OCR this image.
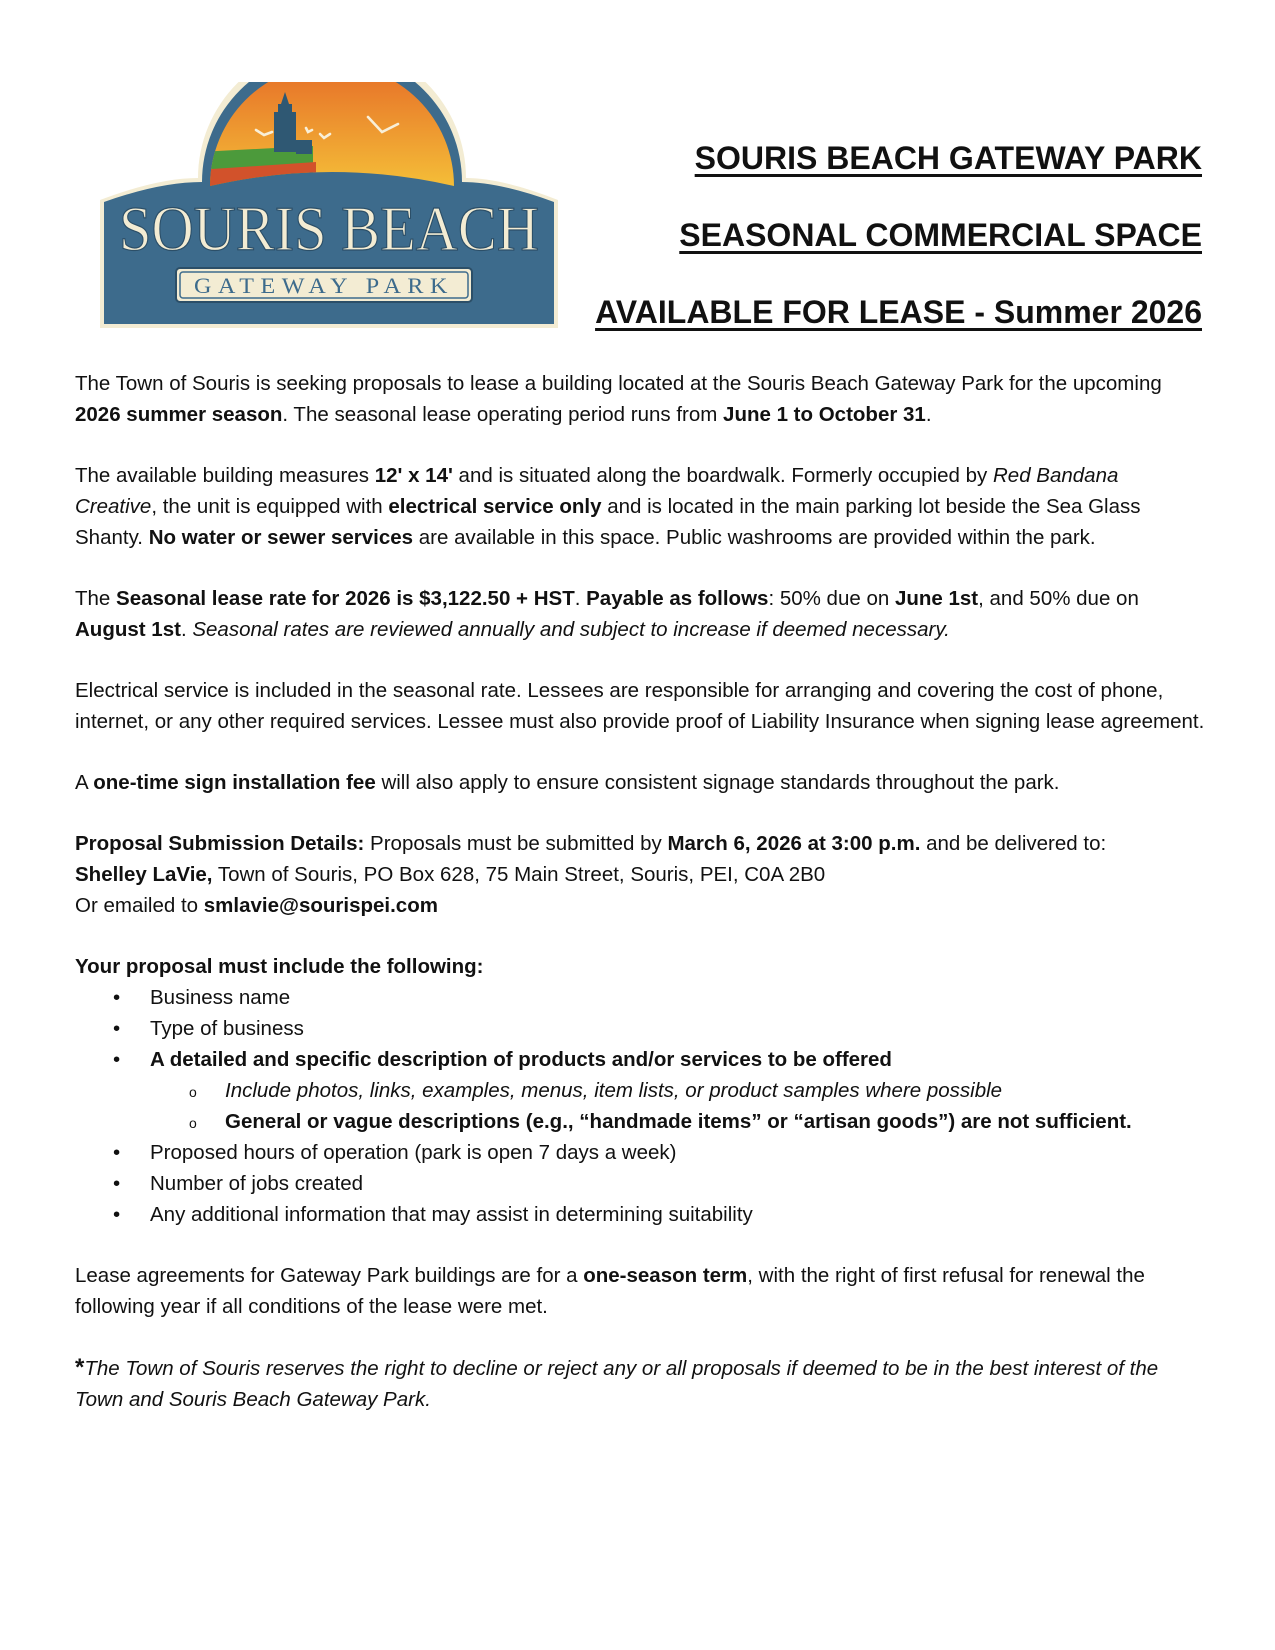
SOURIS BEACH
GATEWAY PARK
SOURIS BEACH GATEWAY PARK
SEASONAL COMMERCIAL SPACE
AVAILABLE FOR LEASE - Summer 2026

The Town of Souris is seeking proposals to lease a building located at the Souris Beach Gateway Park for the upcoming 2026 summer season. The seasonal lease operating period runs from June 1 to October 31.

The available building measures 12' x 14' and is situated along the boardwalk. Formerly occupied by Red Bandana Creative, the unit is equipped with electrical service only and is located in the main parking lot beside the Sea Glass Shanty. No water or sewer services are available in this space. Public washrooms are provided within the park.

The Seasonal lease rate for 2026 is $3,122.50 + HST. Payable as follows: 50% due on June 1st, and 50% due on August 1st. Seasonal rates are reviewed annually and subject to increase if deemed necessary.

Electrical service is included in the seasonal rate. Lessees are responsible for arranging and covering the cost of phone, internet, or any other required services. Lessee must also provide proof of Liability Insurance when signing lease agreement.

A one-time sign installation fee will also apply to ensure consistent signage standards throughout the park.

Proposal Submission Details: Proposals must be submitted by March 6, 2026 at 3:00 p.m. and be delivered to:
Shelley LaVie, Town of Souris, PO Box 628, 75 Main Street, Souris, PEI, C0A 2B0
Or emailed to smlavie@sourispei.com

Your proposal must include the following:
• Business name
• Type of business
• A detailed and specific description of products and/or services to be offered
o Include photos, links, examples, menus, item lists, or product samples where possible
o General or vague descriptions (e.g., “handmade items” or “artisan goods”) are not sufficient.
• Proposed hours of operation (park is open 7 days a week)
• Number of jobs created
• Any additional information that may assist in determining suitability

Lease agreements for Gateway Park buildings are for a one-season term, with the right of first refusal for renewal the following year if all conditions of the lease were met.

*The Town of Souris reserves the right to decline or reject any or all proposals if deemed to be in the best interest of the Town and Souris Beach Gateway Park.
